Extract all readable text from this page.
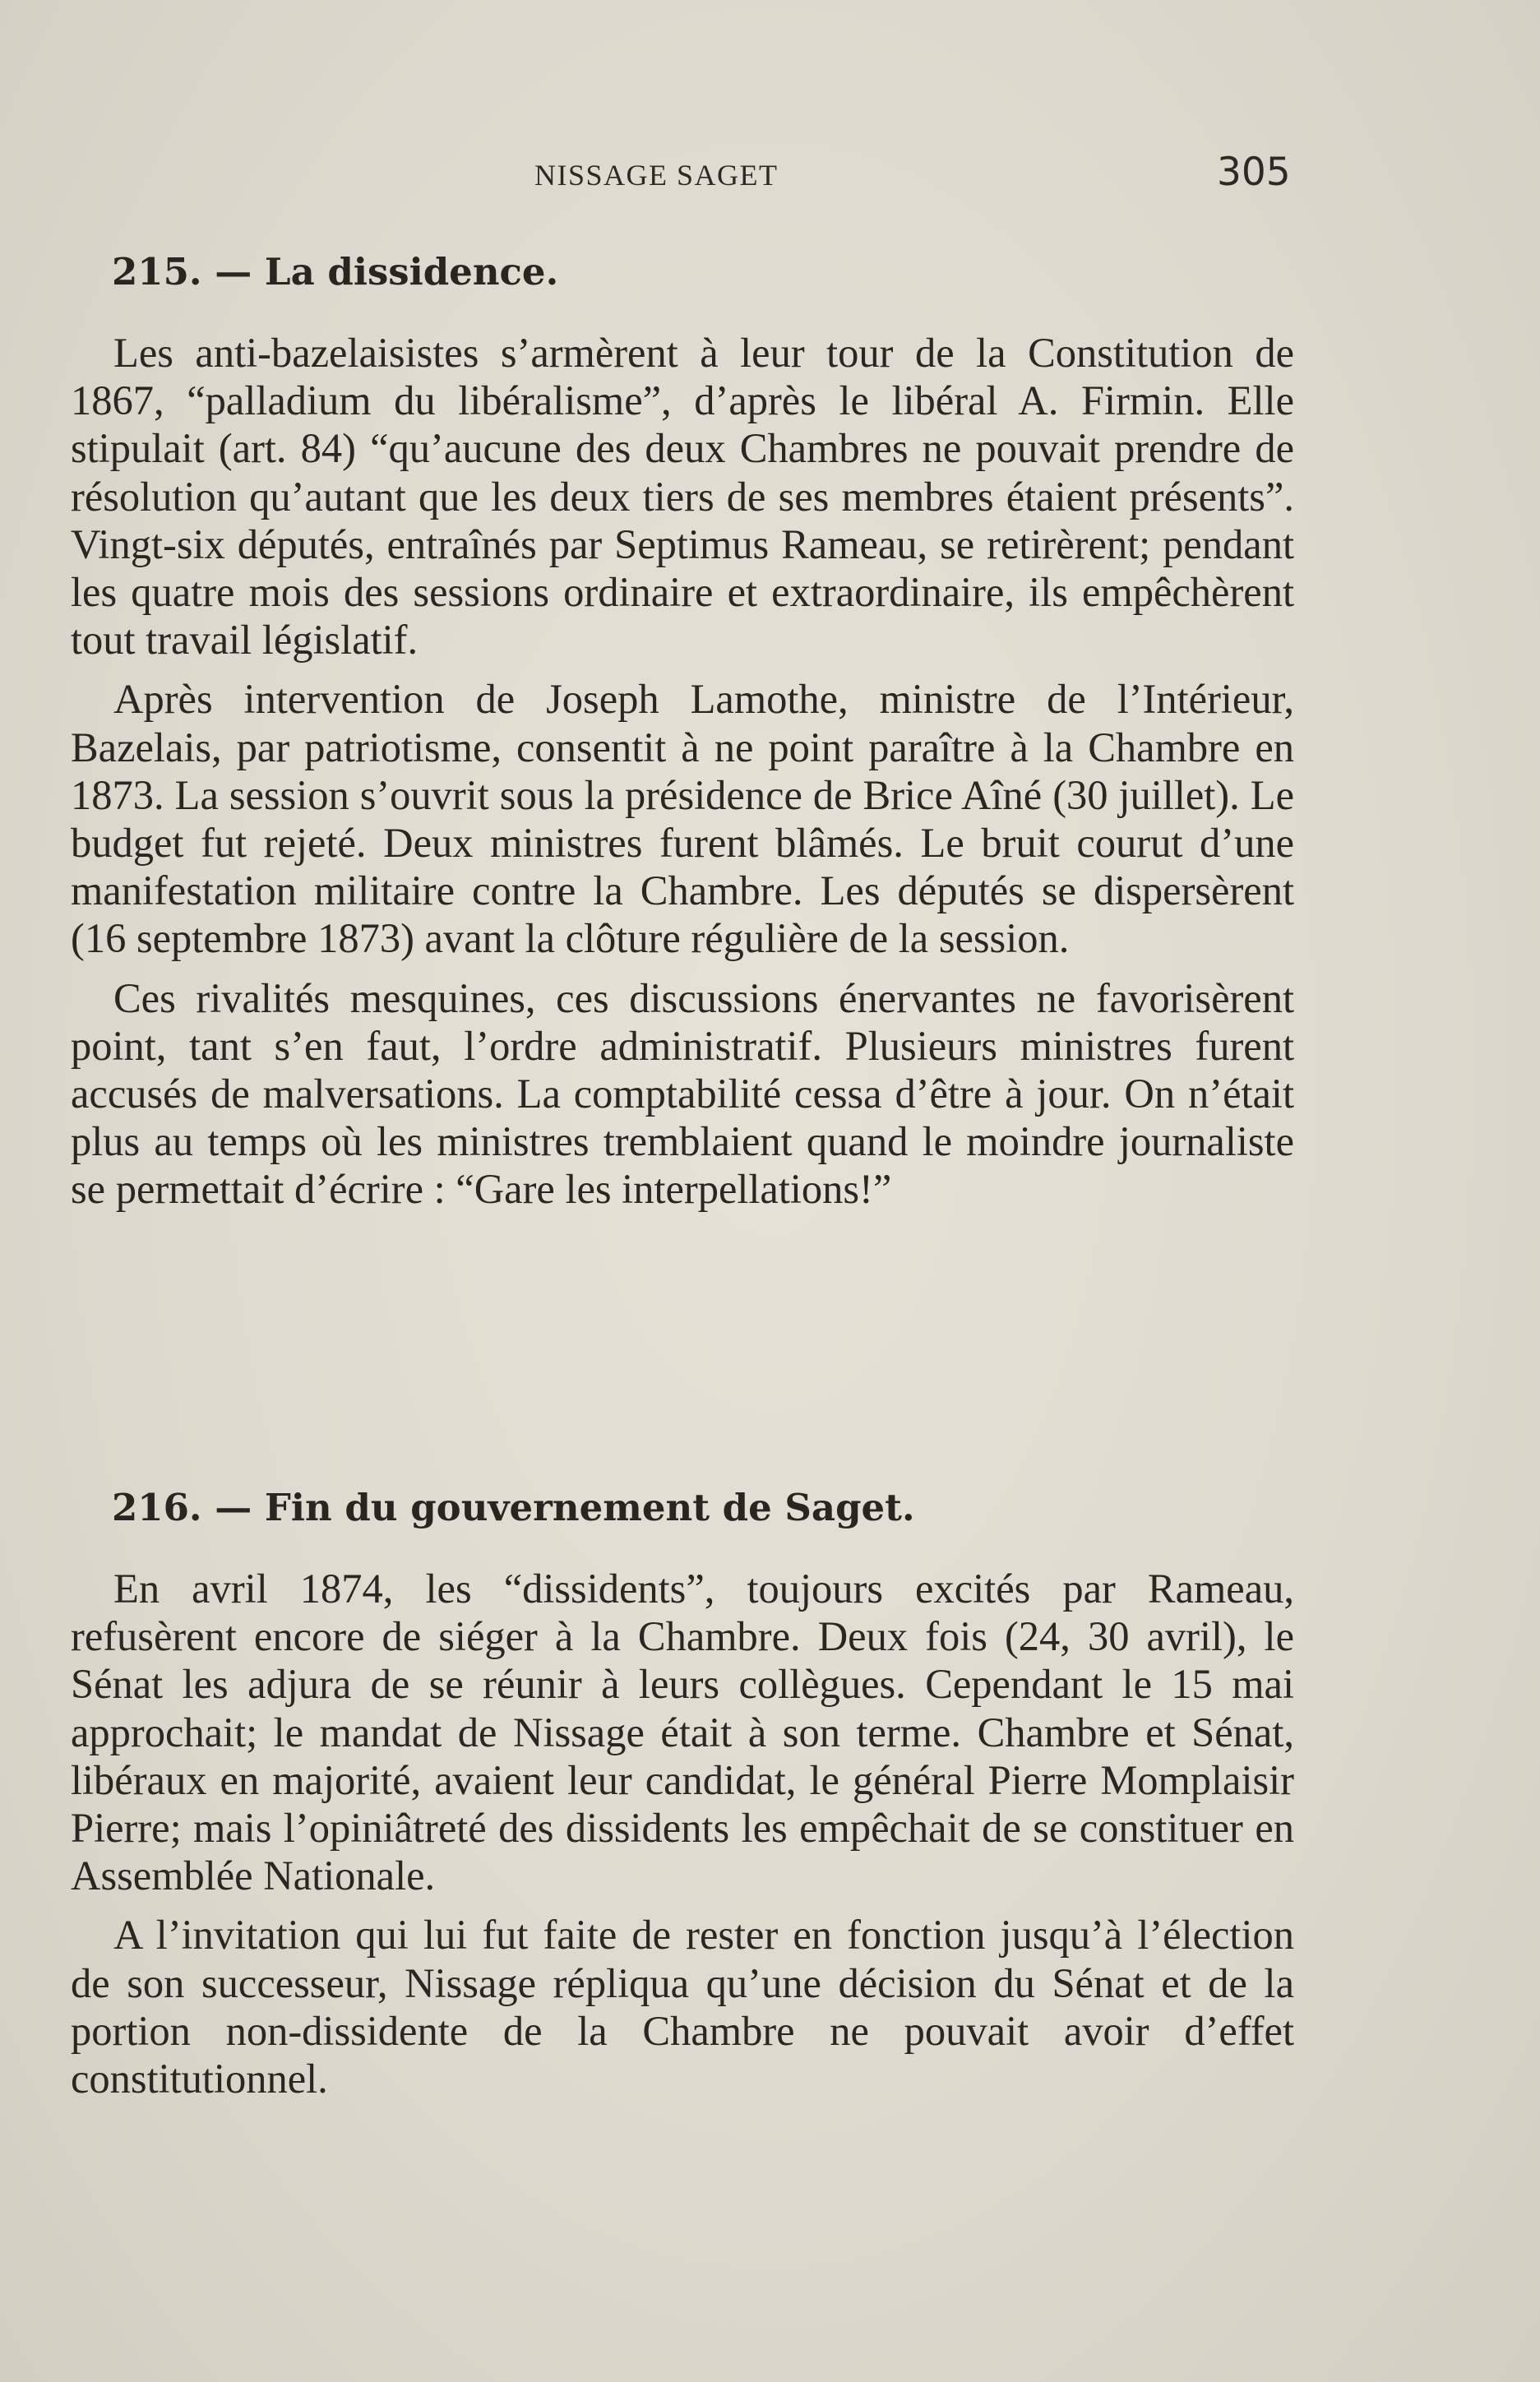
NISSAGE SAGET	305
215. — La dissidence.

Les anti-bazelaisistes s’armèrent à leur tour de la Constitution de 1867, “palladium du libéralisme”, d’après le libéral A. Firmin. Elle stipulait (art. 84) “qu’aucune des deux Chambres ne pouvait prendre de résolution qu’autant que les deux tiers de ses membres étaient présents”. Vingt-six députés, entraînés par Septimus Rameau, se retirèrent; pendant les quatre mois des sessions ordinaire et extraordinaire, ils empêchèrent tout travail législatif.

Après intervention de Joseph Lamothe, ministre de l’Intérieur, Bazelais, par patriotisme, consentit à ne point paraître à la Chambre en 1873. La session s’ouvrit sous la présidence de Brice Aîné (30 juillet). Le budget fut rejeté. Deux ministres furent blâmés. Le bruit courut d’une manifestation militaire contre la Chambre. Les députés se dispersèrent (16 septembre 1873) avant la clôture régulière de la session.

Ces rivalités mesquines, ces discussions énervantes ne favorisèrent point, tant s’en faut, l’ordre administratif. Plusieurs ministres furent accusés de malversations. La comptabilité cessa d’être à jour. On n’était plus au temps où les ministres tremblaient quand le moindre journaliste se permettait d’écrire : “Gare les interpellations!”

216. — Fin du gouvernement de Saget.

En avril 1874, les “dissidents”, toujours excités par Rameau, refusèrent encore de siéger à la Chambre. Deux fois (24, 30 avril), le Sénat les adjura de se réunir à leurs collègues. Cependant le 15 mai approchait; le mandat de Nissage était à son terme. Chambre et Sénat, libéraux en majorité, avaient leur candidat, le général Pierre Momplaisir Pierre; mais l’opiniâtreté des dissidents les empêchait de se constituer en Assemblée Nationale.

A l’invitation qui lui fut faite de rester en fonction jusqu’à l’élection de son successeur, Nissage répliqua qu’une décision du Sénat et de la portion non-dissidente de la Chambre ne pouvait avoir d’effet constitutionnel.
